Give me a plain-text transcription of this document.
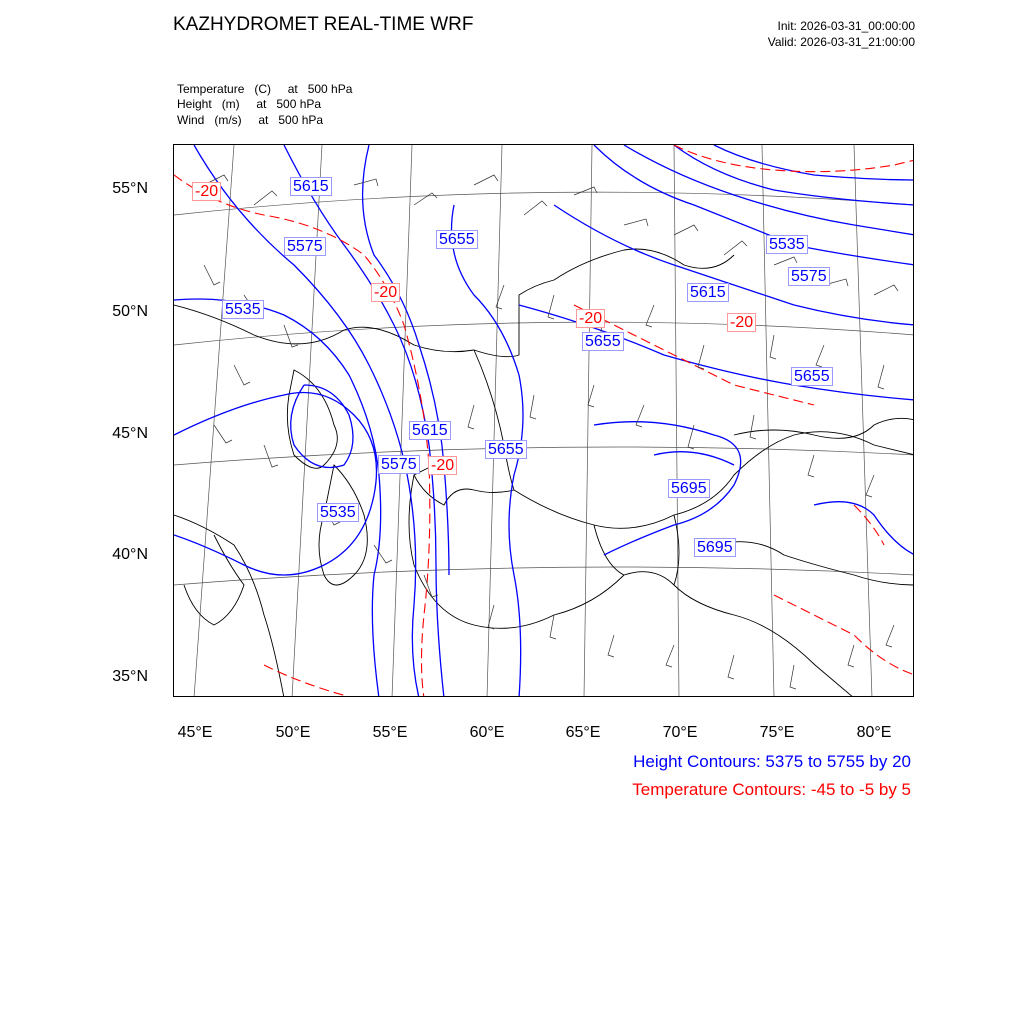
KAZHYDROMET REAL-TIME WRF	Init: 2026-03-31_00:00:00
Valid: 2026-03-31_21:00:00
Temperature   (C)     at   500 hPa
Height   (m)     at   500 hPa
Wind   (m/s)     at   500 hPa
5615
5575	5655
5535
5535
5575
5615
5615
5655
5575
5655
5535
5695
5695
5655
-20
-20
-20	-20
-20
55°N
50°N
45°N
40°N
35°N
45°E	50°E	55°E	60°E	65°E	70°E	75°E	80°E
Height Contours: 5375 to 5755 by 20
Temperature Contours: -45 to -5 by 5
